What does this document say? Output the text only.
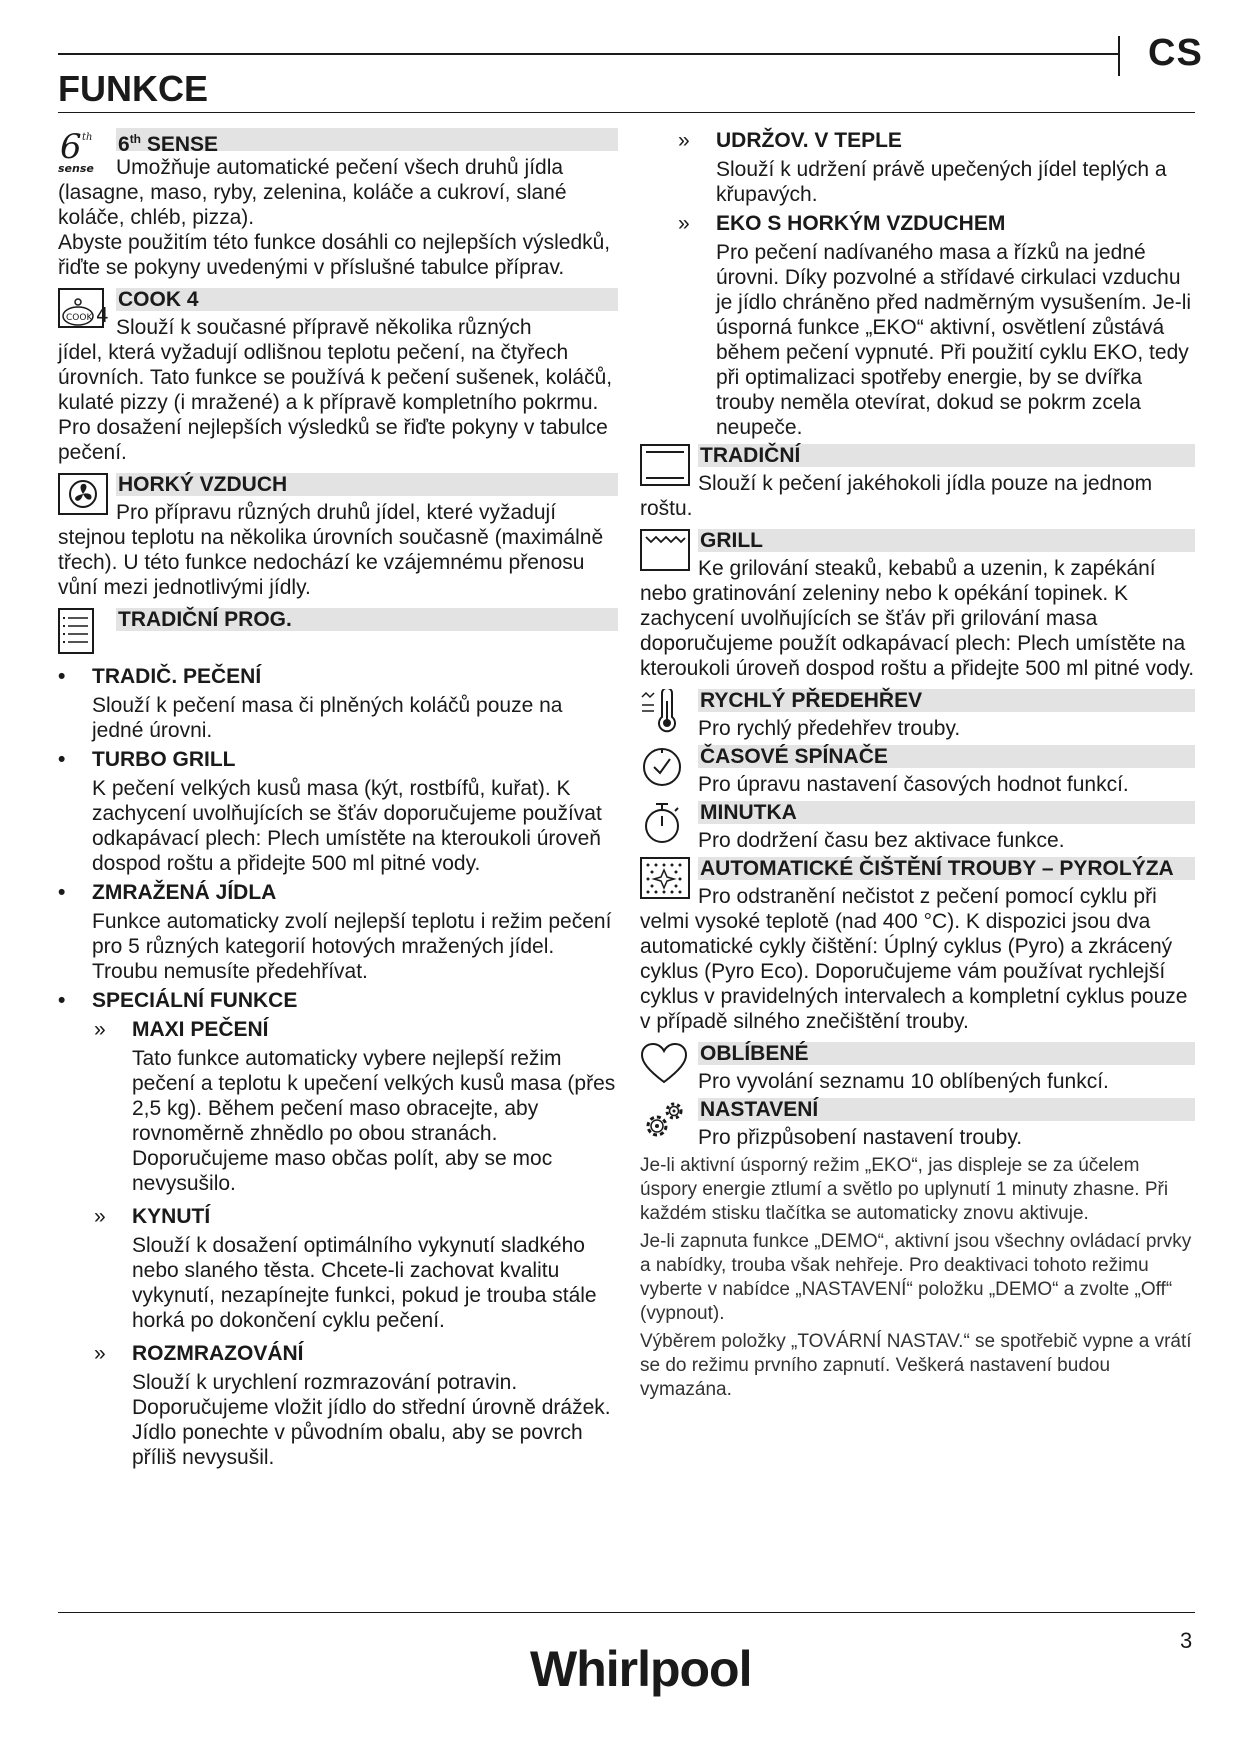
CS
FUNKCE
6 th
sense
6th SENSE

Umožňuje automatické pečení všech druhů jídla

(lasagne, maso, ryby, zelenina, koláče a cukroví, slané koláče, chléb, pizza).

Abyste použitím této funkce dosáhli co nejlepších výsledků, řiďte se pokyny uvedenými v příslušné tabulce příprav.

COOK 4
COOK 4

Slouží k současné přípravě několika různých

jídel, která vyžadují odlišnou teplotu pečení, na čtyřech úrovních. Tato funkce se používá k pečení sušenek, koláčů, kulaté pizzy (i mražené) a k přípravě kompletního pokrmu. Pro dosažení nejlepších výsledků se řiďte pokyny v tabulce pečení.

HORKÝ VZDUCH

Pro přípravu různých druhů jídel, které vyžadují

stejnou teplotu na několika úrovních současně (maximálně třech). U této funkce nedochází ke vzájemnému přenosu vůní mezi jednotlivými jídly.

TRADIČNÍ PROG.
•	TRADIČ. PEČENÍ

Slouží k pečení masa či plněných koláčů pouze na jedné úrovni.

•	TURBO GRILL

K pečení velkých kusů masa (kýt, rostbífů, kuřat). K zachycení uvolňujících se šťáv doporučujeme používat odkapávací plech: Plech umístěte na kteroukoli úroveň dospod roštu a přidejte 500 ml pitné vody.

•	ZMRAŽENÁ JÍDLA

Funkce automaticky zvolí nejlepší teplotu i režim pečení pro 5 různých kategorií hotových mražených jídel. Troubu nemusíte předehřívat.

•	SPECIÁLNÍ FUNKCE

»	MAXI PEČENÍ

Tato funkce automaticky vybere nejlepší režim pečení a teplotu k upečení velkých kusů masa (přes 2,5 kg). Během pečení maso obracejte, aby rovnoměrně zhnědlo po obou stranách. Doporučujeme maso občas polít, aby se moc nevysušilo.

»	KYNUTÍ

Slouží k dosažení optimálního vykynutí sladkého nebo slaného těsta. Chcete-li zachovat kvalitu vykynutí, nezapínejte funkci, pokud je trouba stále horká po dokončení cyklu pečení.

»	ROZMRAZOVÁNÍ

Slouží k urychlení rozmrazování potravin. Doporučujeme vložit jídlo do střední úrovně drážek. Jídlo ponechte v původním obalu, aby se povrch příliš nevysušil.

»	UDRŽOV. V TEPLE

Slouží k udržení právě upečených jídel teplých a křupavých.

»	EKO S HORKÝM VZDUCHEM

Pro pečení nadívaného masa a řízků na jedné úrovni. Díky pozvolné a střídavé cirkulaci vzduchu je jídlo chráněno před nadměrným vysušením. Je-li úsporná funkce „EKO“ aktivní, osvětlení zůstává během pečení vypnuté. Při použití cyklu EKO, tedy při optimalizaci spotřeby energie, by se dvířka trouby neměla otevírat, dokud se pokrm zcela neupeče.

TRADIČNÍ

Slouží k pečení jakéhokoli jídla pouze na jednom

roštu.

GRILL

Ke grilování steaků, kebabů a uzenin, k zapékání

nebo gratinování zeleniny nebo k opékání topinek. K zachycení uvolňujících se šťáv při grilování masa doporučujeme použít odkapávací plech: Plech umístěte na kteroukoli úroveň dospod roštu a přidejte 500 ml pitné vody.

RYCHLÝ PŘEDEHŘEV

Pro rychlý předehřev trouby.

ČASOVÉ SPÍNAČE

Pro úpravu nastavení časových hodnot funkcí.

MINUTKA

Pro dodržení času bez aktivace funkce.

AUTOMATICKÉ ČIŠTĚNÍ TROUBY – PYROLÝZA

Pro odstranění nečistot z pečení pomocí cyklu při

velmi vysoké teplotě (nad 400 °C). K dispozici jsou dva automatické cykly čištění: Úplný cyklus (Pyro) a zkrácený cyklus (Pyro Eco). Doporučujeme vám používat rychlejší cyklus v pravidelných intervalech a kompletní cyklus pouze v případě silného znečištění trouby.

OBLÍBENÉ

Pro vyvolání seznamu 10 oblíbených funkcí.

NASTAVENÍ

Pro přizpůsobení nastavení trouby.

Je-li aktivní úsporný režim „EKO“, jas displeje se za účelem úspory energie ztlumí a světlo po uplynutí 1 minuty zhasne. Při každém stisku tlačítka se automaticky znovu aktivuje.

Je-li zapnuta funkce „DEMO“, aktivní jsou všechny ovládací prvky a nabídky, trouba však nehřeje. Pro deaktivaci tohoto režimu vyberte v nabídce „NASTAVENÍ“ položku „DEMO“ a zvolte „Off“ (vypnout).

Výběrem položky „TOVÁRNÍ NASTAV.“ se spotřebič vypne a vrátí se do režimu prvního zapnutí. Veškerá nastavení budou vymazána.

3
Whirlpool
